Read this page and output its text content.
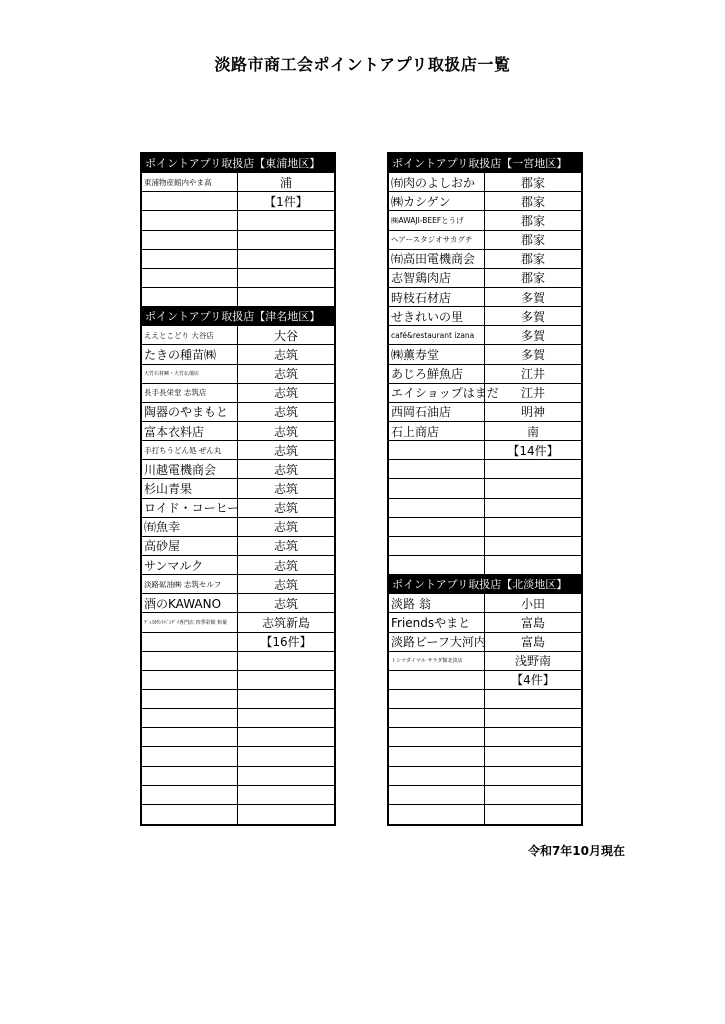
淡路市商工会ポイントアプリ取扱店一覧
ポイントアプリ取扱店【東浦地区】
東浦物産館内やま高	浦
【1件】
ポイントアプリ取扱店【津名地区】
ええとこどり 大谷店	大谷
たきの種苗㈱	志筑
大竹石材㈱・大竹仏壇店	志筑
長手長栄堂 志筑店	志筑
陶器のやまもと	志筑
富本衣料店	志筑
手打ちうどん処 ぜん丸	志筑
川越電機商会	志筑
杉山青果	志筑
ロイド・コーヒー	志筑
㈲魚幸	志筑
高砂屋	志筑
サンマルク	志筑
淡路砿油㈱ 志筑セルフ	志筑
酒のKAWANO	志筑
ﾃﾞｨｽｶｳﾝﾄﾊﾟﾝﾃﾞｲ専門店 四季彩館 和菓	志筑新島
【16件】
ポイントアプリ取扱店【一宮地区】
㈲肉のよしおか	郡家
㈱カシゲン	郡家
㈱AWAJI-BEEFとうげ	郡家
ヘアースタジオサカグチ	郡家
㈲高田電機商会	郡家
志智鶏肉店	郡家
時枝石材店	多賀
せきれいの里	多賀
café&restaurant izana	多賀
㈱薫寿堂	多賀
あじろ鮮魚店	江井
エイショップはまだ	江井
西岡石油店	明神
石上商店	南
【14件】
ポイントアプリ取扱店【北淡地区】
淡路 翁	小田
Friendsやまと	富島
淡路ビーフ大河内	富島
トシマダイマル サラダ館北淡店	浅野南
【4件】
令和7年10月現在
